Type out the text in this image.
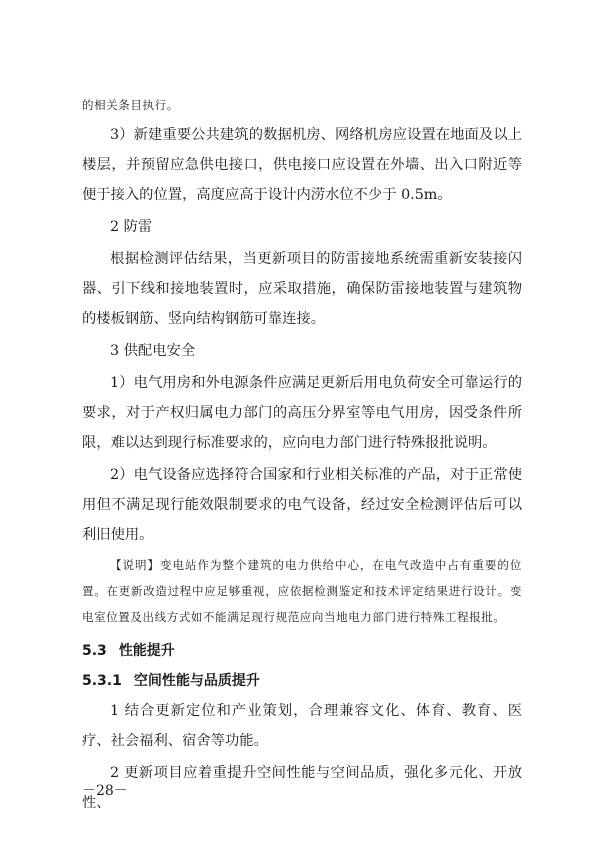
的相关条目执行。

3）新建重要公共建筑的数据机房、网络机房应设置在地面及以上楼层，并预留应急供电接口，供电接口应设置在外墙、出入口附近等便于接入的位置，高度应高于设计内涝水位不少于 0.5m。

2 防雷

根据检测评估结果，当更新项目的防雷接地系统需重新安装接闪器、引下线和接地装置时，应采取措施，确保防雷接地装置与建筑物的楼板钢筋、竖向结构钢筋可靠连接。

3 供配电安全

1）电气用房和外电源条件应满足更新后用电负荷安全可靠运行的要求，对于产权归属电力部门的高压分界室等电气用房，因受条件所限，难以达到现行标准要求的，应向电力部门进行特殊报批说明。

2）电气设备应选择符合国家和行业相关标准的产品，对于正常使用但不满足现行能效限制要求的电气设备，经过安全检测评估后可以利旧使用。

【说明】变电站作为整个建筑的电力供给中心，在电气改造中占有重要的位置。在更新改造过程中应足够重视，应依据检测鉴定和技术评定结果进行设计。变电室位置及出线方式如不能满足现行规范应向当地电力部门进行特殊工程报批。

5.3 性能提升
5.3.1 空间性能与品质提升

1 结合更新定位和产业策划，合理兼容文化、体育、教育、医疗、社会福利、宿舍等功能。

2 更新项目应着重提升空间性能与空间品质，强化多元化、开放性、

－28－
